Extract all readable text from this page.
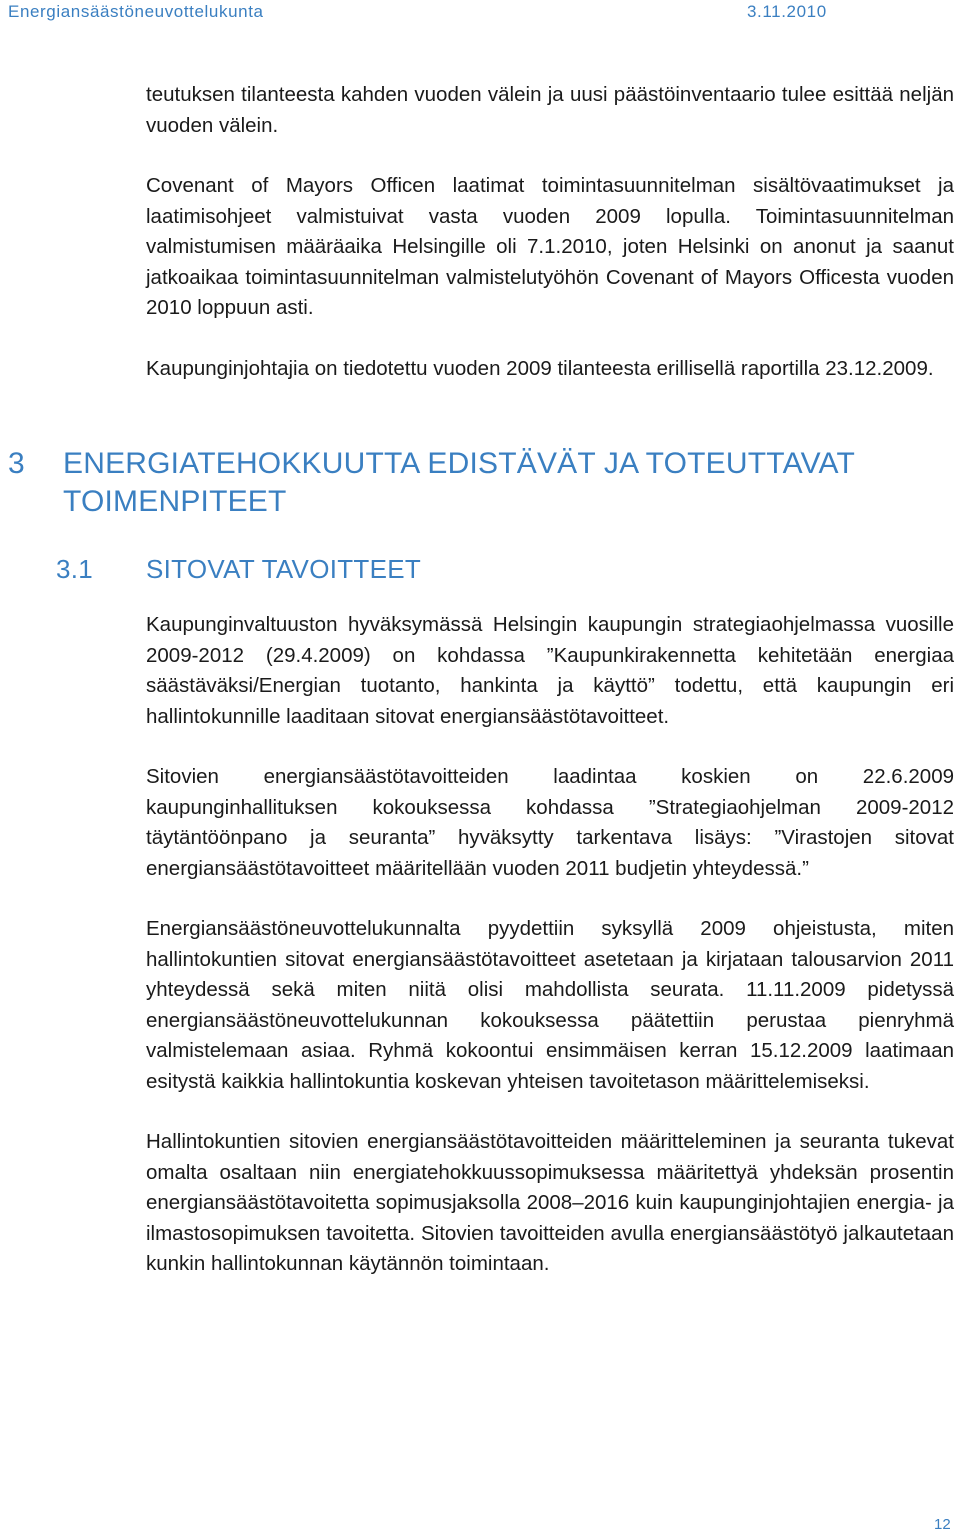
Energiansäästöneuvottelukunta	3.11.2010

teutuksen tilanteesta kahden vuoden välein ja uusi päästöinventaario tulee esittää neljän vuoden välein.

Covenant of Mayors Officen laatimat toimintasuunnitelman sisältövaatimukset ja laatimisohjeet valmistuivat vasta vuoden 2009 lopulla. Toimintasuunnitelman valmistumisen määräaika Helsingille oli 7.1.2010, joten Helsinki on anonut ja saanut jatkoaikaa toimintasuunnitelman valmistelutyöhön Covenant of Mayors Officesta vuoden 2010 loppuun asti.

Kaupunginjohtajia on tiedotettu vuoden 2009 tilanteesta erillisellä raportilla 23.12.2009.

3 ENERGIATEHOKKUUTTA EDISTÄVÄT JA TOTEUTTAVAT TOIMENPITEET
3.1 SITOVAT TAVOITTEET

Kaupunginvaltuuston hyväksymässä Helsingin kaupungin strategiaohjelmassa vuosille 2009-2012 (29.4.2009) on kohdassa ”Kaupunkirakennetta kehitetään energiaa säästäväksi/Energian tuotanto, hankinta ja käyttö” todettu, että kaupungin eri hallintokunnille laaditaan sitovat energiansäästötavoitteet.

Sitovien energiansäästötavoitteiden laadintaa koskien on 22.6.2009 kaupunginhallituksen kokouksessa kohdassa ”Strategiaohjelman 2009-2012 täytäntöönpano ja seuranta” hyväksytty tarkentava lisäys: ”Virastojen sitovat energiansäästötavoitteet määritellään vuoden 2011 budjetin yhteydessä.”

Energiansäästöneuvottelukunnalta pyydettiin syksyllä 2009 ohjeistusta, miten hallintokuntien sitovat energiansäästötavoitteet asetetaan ja kirjataan talousarvion 2011 yhteydessä sekä miten niitä olisi mahdollista seurata. 11.11.2009 pidetyssä energiansäästöneuvottelukunnan kokouksessa päätettiin perustaa pienryhmä valmistelemaan asiaa. Ryhmä kokoontui ensimmäisen kerran 15.12.2009 laatimaan esitystä kaikkia hallintokuntia koskevan yhteisen tavoitetason määrittelemiseksi.

Hallintokuntien sitovien energiansäästötavoitteiden määritteleminen ja seuranta tukevat omalta osaltaan niin energiatehokkuussopimuksessa määritettyä yhdeksän prosentin energiansäästötavoitetta sopimusjaksolla 2008–2016 kuin kaupunginjohtajien energia- ja ilmastosopimuksen tavoitetta. Sitovien tavoitteiden avulla energiansäästötyö jalkautetaan kunkin hallintokunnan käytännön toimintaan.

12
